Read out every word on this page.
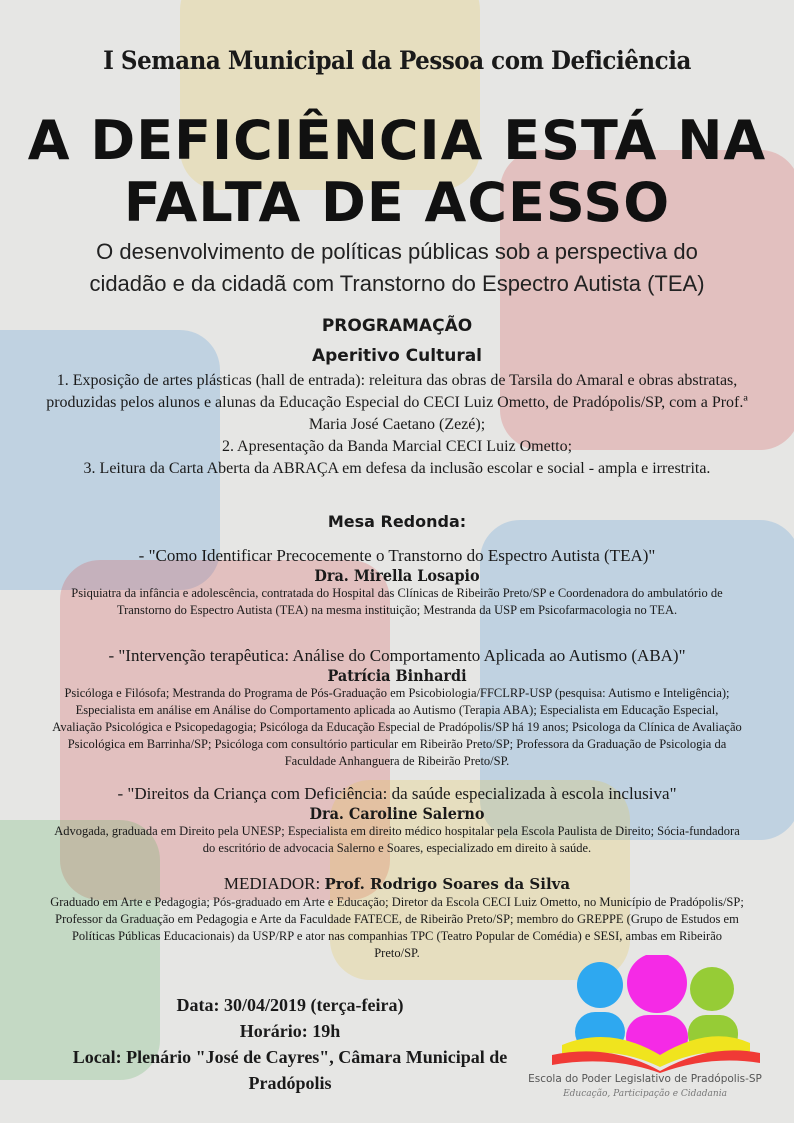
I Semana Municipal da Pessoa com Deficiência
A DEFICIÊNCIA ESTÁ NA
FALTA DE ACESSO
O desenvolvimento de políticas públicas sob a perspectiva do
cidadão e da cidadã com Transtorno do Espectro Autista (TEA)
PROGRAMAÇÃO
Aperitivo Cultural
1. Exposição de artes plásticas (hall de entrada): releitura das obras de Tarsila do Amaral e obras abstratas, produzidas pelos alunos e alunas da Educação Especial do CECI Luiz Ometto, de Pradópolis/SP, com a Prof.ª Maria José Caetano (Zezé);
2. Apresentação da Banda Marcial CECI Luiz Ometto;
3. Leitura da Carta Aberta da ABRAÇA em defesa da inclusão escolar e social - ampla e irrestrita.
Mesa Redonda:
- "Como Identificar Precocemente o Transtorno do Espectro Autista (TEA)"
Dra. Mirella Losapio
Psiquiatra da infância e adolescência, contratada do Hospital das Clínicas de Ribeirão Preto/SP e Coordenadora do ambulatório de Transtorno do Espectro Autista (TEA) na mesma instituição; Mestranda da USP em Psicofarmacologia no TEA.
- "Intervenção terapêutica: Análise do Comportamento Aplicada ao Autismo (ABA)"
Patrícia Binhardi
Psicóloga e Filósofa; Mestranda do Programa de Pós-Graduação em Psicobiologia/FFCLRP-USP (pesquisa: Autismo e Inteligência); Especialista em análise em Análise do Comportamento aplicada ao Autismo (Terapia ABA); Especialista em Educação Especial, Avaliação Psicológica e Psicopedagogia; Psicóloga da Educação Especial de Pradópolis/SP há 19 anos; Psicologa da Clínica de Avaliação Psicológica em Barrinha/SP; Psicóloga com consultório particular em Ribeirão Preto/SP; Professora da Graduação de Psicologia da Faculdade Anhanguera de Ribeirão Preto/SP.
- "Direitos da Criança com Deficiência: da saúde especializada à escola inclusiva"
Dra. Caroline Salerno
Advogada, graduada em Direito pela UNESP; Especialista em direito médico hospitalar pela Escola Paulista de Direito; Sócia-fundadora do escritório de advocacia Salerno e Soares, especializado em direito à saúde.
MEDIADOR: Prof. Rodrigo Soares da Silva
Graduado em Arte e Pedagogia; Pós-graduado em Arte e Educação; Diretor da Escola CECI Luiz Ometto, no Município de Pradópolis/SP; Professor da Graduação em Pedagogia e Arte da Faculdade FATECE, de Ribeirão Preto/SP; membro do GREPPE (Grupo de Estudos em Políticas Públicas Educacionais) da USP/RP e ator nas companhias TPC (Teatro Popular de Comédia) e SESI, ambas em Ribeirão Preto/SP.
Data: 30/04/2019 (terça-feira)
Horário: 19h
Local: Plenário "José de Cayres", Câmara Municipal de Pradópolis	Escola do Poder Legislativo de Pradópolis-SP
Educação, Participação e Cidadania
